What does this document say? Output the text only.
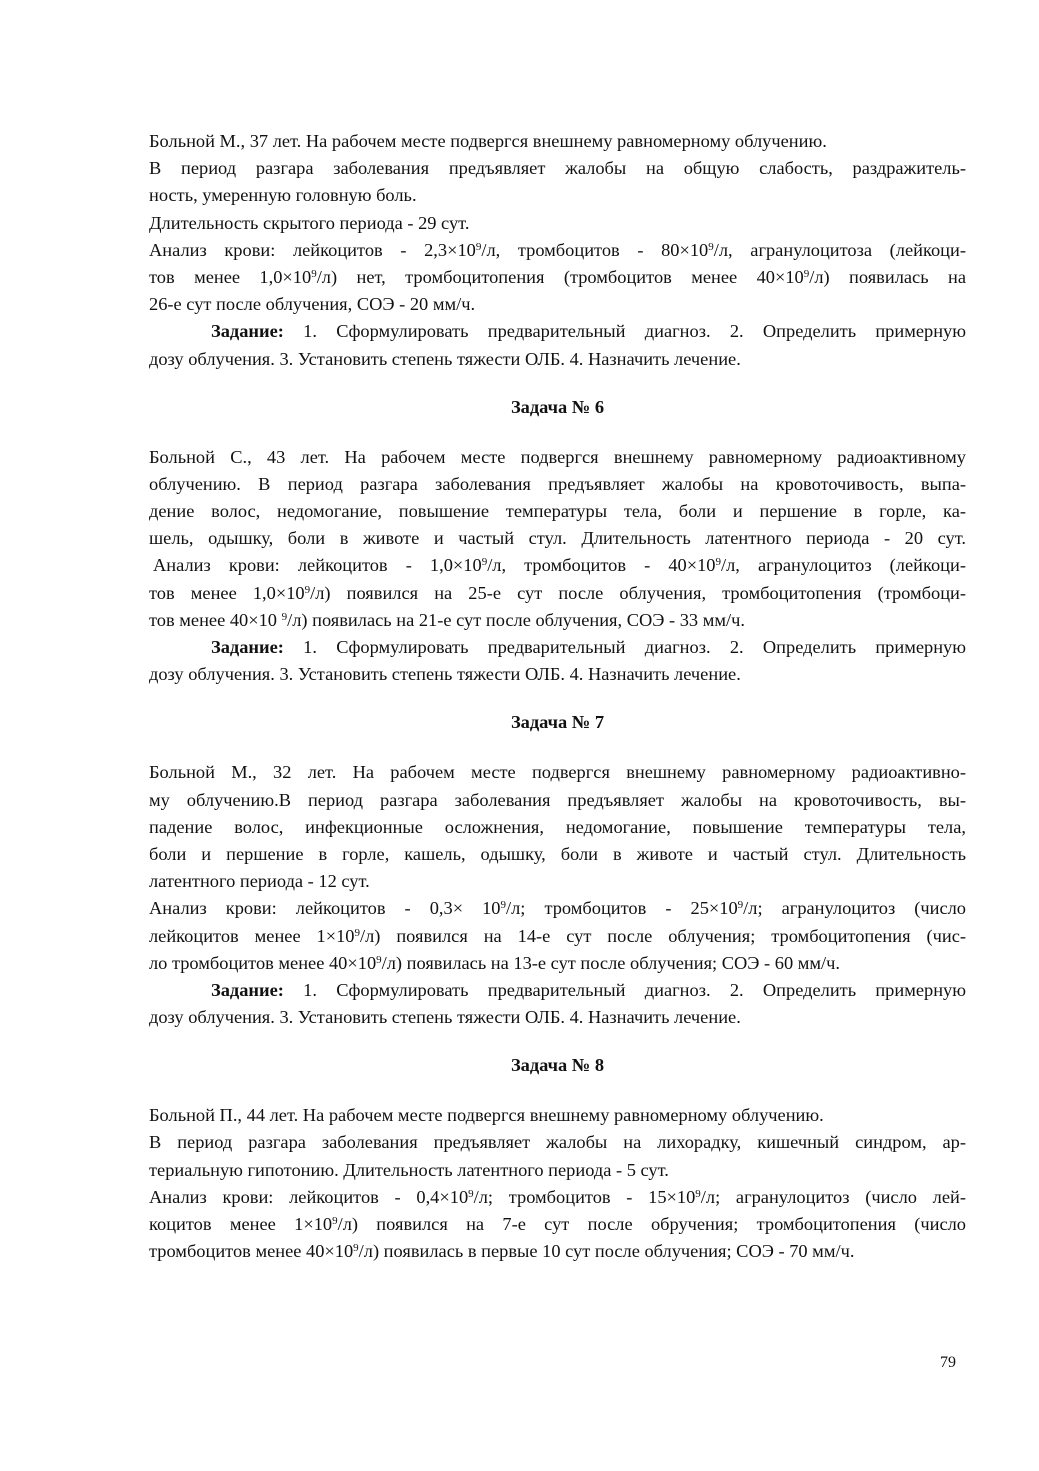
Больной М., 37 лет. На рабочем месте подвергся внешнему равномерному облучению.
В период разгара заболевания предъявляет жалобы на общую слабость, раздражитель-
ность, умеренную головную боль.
Длительность скрытого периода - 29 сут.
Анализ крови: лейкоцитов - $2,3\times 10^9/л$, тромбоцитов - $80\times 10^9/л$, агранулоцитоза (лейкоци-
тов менее $1,0\times 10^9/л$) нет, тромбоцитопения (тромбоцитов менее $40\times 10^9/л$) появилась на
26-е сут после облучения, СОЭ - 20 мм/ч.
Задание: 1. Сформулировать предварительный диагноз. 2. Определить примерную
дозу облучения. 3. Установить степень тяжести ОЛБ. 4. Назначить лечение.
Задача № 6
Больной С., 43 лет. На рабочем месте подвергся внешнему равномерному радиоактивному
облучению. В период разгара заболевания предъявляет жалобы на кровоточивость, выпа-
дение волос, недомогание, повышение температуры тела, боли и першение в горле, ка-
шель, одышку, боли в животе и частый стул. Длительность латентного периода - 20 сут.
Анализ крови: лейкоцитов - $1,0\times 10^9/л$, тромбоцитов - $40\times 10^9/л$, агранулоцитоз (лейкоци-
тов менее $1,0\times 10^9/л$) появился на 25-е сут после облучения, тромбоцитопения (тромбоци-
тов менее 40×10 $^9$/л) появилась на 21-е сут после облучения, СОЭ - 33 мм/ч.
Задание: 1. Сформулировать предварительный диагноз. 2. Определить примерную
дозу облучения. 3. Установить степень тяжести ОЛБ. 4. Назначить лечение.
Задача № 7
Больной М., 32 лет. На рабочем месте подвергся внешнему равномерному радиоактивно-
му облучению.В период разгара заболевания предъявляет жалобы на кровоточивость, вы-
падение волос, инфекционные осложнения, недомогание, повышение температуры тела,
боли и першение в горле, кашель, одышку, боли в животе и частый стул. Длительность
латентного периода - 12 сут.
Анализ крови: лейкоцитов - $0,3\times 10^9/л$; тромбоцитов - $25\times 10^9/л$; агранулоцитоз (число
лейкоцитов менее $1\times 10^9/л$) появился на 14-е сут после облучения; тромбоцитопения (чис-
ло тромбоцитов менее $40\times 10^9/л$) появилась на 13-е сут после облучения; СОЭ - 60 мм/ч.
Задание: 1. Сформулировать предварительный диагноз. 2. Определить примерную
дозу облучения. 3. Установить степень тяжести ОЛБ. 4. Назначить лечение.
Задача № 8
Больной П., 44 лет. На рабочем месте подвергся внешнему равномерному облучению.
В период разгара заболевания предъявляет жалобы на лихорадку, кишечный синдром, ар-
териальную гипотонию. Длительность латентного периода - 5 сут.
Анализ крови: лейкоцитов - $0,4\times 10^9/л$; тромбоцитов - $15\times 10^9/л$; агранулоцитоз (число лей-
коцитов менее $1\times 10^9/л$) появился на 7-е сут после обручения; тромбоцитопения (число
тромбоцитов менее $40\times 10^9/л$) появилась в первые 10 сут после облучения; СОЭ - 70 мм/ч.
79
